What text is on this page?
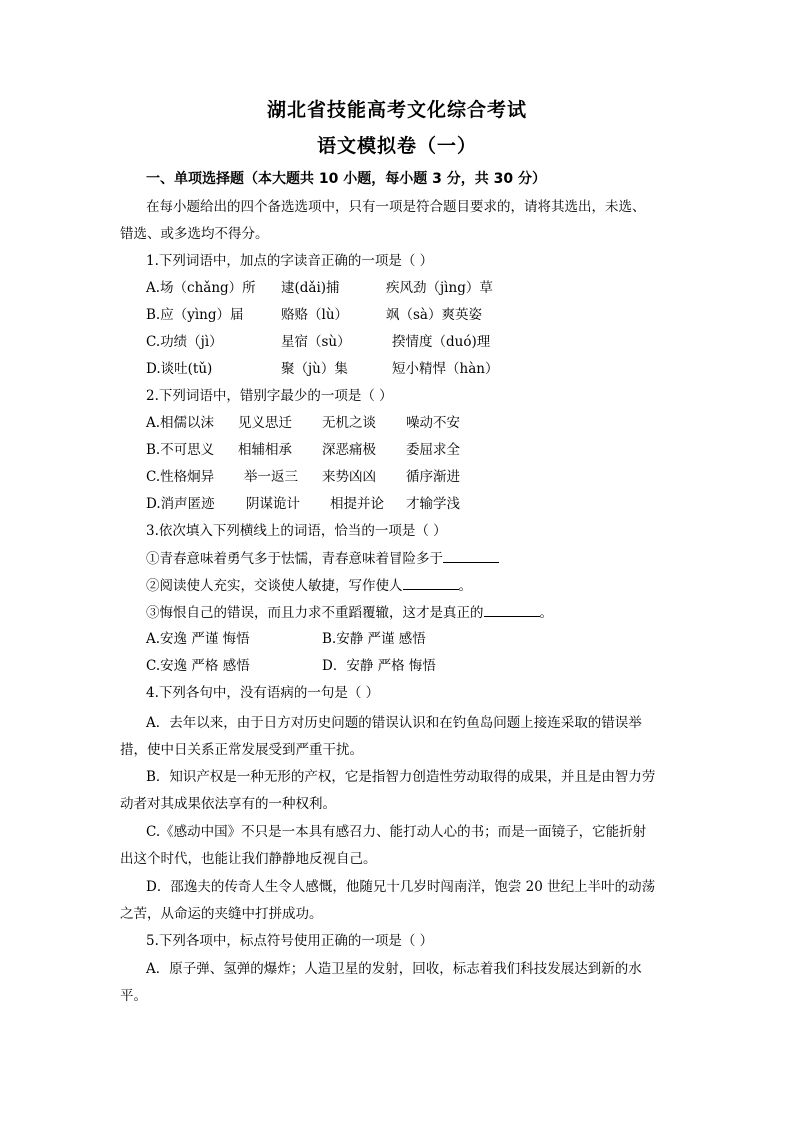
湖北省技能高考文化综合考试
语文模拟卷（一）
一、单项选择题（本大题共 10 小题，每小题 3 分，共 30 分）
在每小题给出的四个备选选项中，只有一项是符合题目要求的，请将其选出，未选、
错选、或多选均不得分。
1.下列词语中，加点的字读音正确的一项是（ ）
A.场（chǎng）所 逮(dǎi)捕	疾风劲（jìng）草
B.应（yìng）届	赂赂（lù）	飒（sà）爽英姿
C.功绩（jì）	星宿（sù）	揆情度（duó)理
D.谈吐(tǔ)	聚（jù）集	短小精悍（hàn）
2.下列词语中，错别字最少的一项是（ ）
A.相儒以沫 见义思迁 无机之谈 噪动不安
B.不可思义 相辅相承 深恶痛极 委屈求全
C.性格炯异 举一返三 来势凶凶 循序渐进
D.消声匿迹 阴谋诡计 相提并论 才输学浅
3.依次填入下列横线上的词语，恰当的一项是（ ）
①青春意味着勇气多于怯懦，青春意味着冒险多于
②阅读使人充实，交谈使人敏捷，写作使人	。
③悔恨自己的错误，而且力求不重蹈覆辙，这才是真正的	。
A.安逸 严谨 悔悟	B.安静 严谨 感悟
C.安逸 严格 感悟	D．安静 严格 悔悟
4.下列各句中，没有语病的一句是（ ）
A．去年以来，由于日方对历史问题的错误认识和在钓鱼岛问题上接连采取的错误举
措，使中日关系正常发展受到严重干扰。
B．知识产权是一种无形的产权，它是指智力创造性劳动取得的成果，并且是由智力劳
动者对其成果依法享有的一种权利。
C.《感动中国》不只是一本具有感召力、能打动人心的书；而是一面镜子，它能折射
出这个时代，也能让我们静静地反视自己。
D．邵逸夫的传奇人生令人感慨，他随兄十几岁时闯南洋，饱尝 20 世纪上半叶的动荡
之苦，从命运的夹缝中打拼成功。
5.下列各项中，标点符号使用正确的一项是（ ）
A．原子弹、氢弹的爆炸；人造卫星的发射，回收，标志着我们科技发展达到新的水
平。
